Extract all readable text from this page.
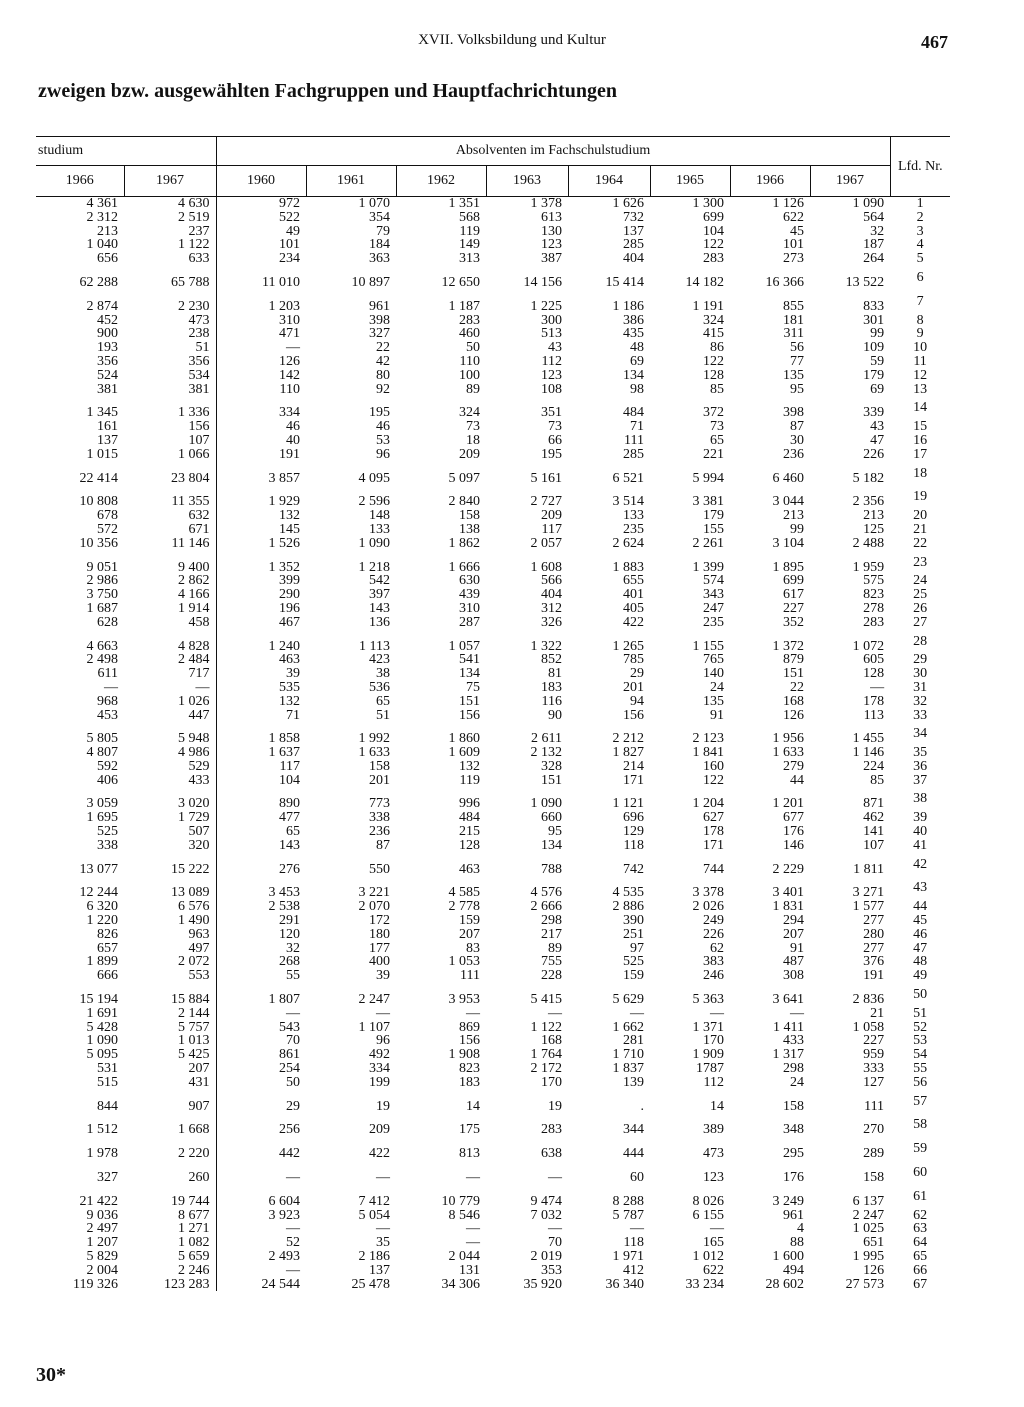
XVII. Volksbildung und Kultur	467
zweigen bzw. ausgewählten Fachgruppen und Hauptfachrichtungen
studium		Absolventen im Fachschulstudium								Lfd. Nr.
1966	1967	1960	1961	1962	1963	1964	1965	1966	1967	
4 361	4 630	972	1 070	1 351	1 378	1 626	1 300	1 126	1 090	1
2 312	2 519	522	354	568	613	732	699	622	564	2
213	237	49	79	119	130	137	104	45	32	3
1 040	1 122	101	184	149	123	285	122	101	187	4
656	633	234	363	313	387	404	283	273	264	5
62 288	65 788	11 010	10 897	12 650	14 156	15 414	14 182	16 366	13 522	6
2 874	2 230	1 203	961	1 187	1 225	1 186	1 191	855	833	7
452	473	310	398	283	300	386	324	181	301	8
900	238	471	327	460	513	435	415	311	99	9
193	51	—	22	50	43	48	86	56	109	10
356	356	126	42	110	112	69	122	77	59	11
524	534	142	80	100	123	134	128	135	179	12
381	381	110	92	89	108	98	85	95	69	13
1 345	1 336	334	195	324	351	484	372	398	339	14
161	156	46	46	73	73	71	73	87	43	15
137	107	40	53	18	66	111	65	30	47	16
1 015	1 066	191	96	209	195	285	221	236	226	17
22 414	23 804	3 857	4 095	5 097	5 161	6 521	5 994	6 460	5 182	18
10 808	11 355	1 929	2 596	2 840	2 727	3 514	3 381	3 044	2 356	19
678	632	132	148	158	209	133	179	213	213	20
572	671	145	133	138	117	235	155	99	125	21
10 356	11 146	1 526	1 090	1 862	2 057	2 624	2 261	3 104	2 488	22
9 051	9 400	1 352	1 218	1 666	1 608	1 883	1 399	1 895	1 959	23
2 986	2 862	399	542	630	566	655	574	699	575	24
3 750	4 166	290	397	439	404	401	343	617	823	25
1 687	1 914	196	143	310	312	405	247	227	278	26
628	458	467	136	287	326	422	235	352	283	27
4 663	4 828	1 240	1 113	1 057	1 322	1 265	1 155	1 372	1 072	28
2 498	2 484	463	423	541	852	785	765	879	605	29
611	717	39	38	134	81	29	140	151	128	30
—	—	535	536	75	183	201	24	22	—	31
968	1 026	132	65	151	116	94	135	168	178	32
453	447	71	51	156	90	156	91	126	113	33
5 805	5 948	1 858	1 992	1 860	2 611	2 212	2 123	1 956	1 455	34
4 807	4 986	1 637	1 633	1 609	2 132	1 827	1 841	1 633	1 146	35
592	529	117	158	132	328	214	160	279	224	36
406	433	104	201	119	151	171	122	44	85	37
3 059	3 020	890	773	996	1 090	1 121	1 204	1 201	871	38
1 695	1 729	477	338	484	660	696	627	677	462	39
525	507	65	236	215	95	129	178	176	141	40
338	320	143	87	128	134	118	171	146	107	41
13 077	15 222	276	550	463	788	742	744	2 229	1 811	42
12 244	13 089	3 453	3 221	4 585	4 576	4 535	3 378	3 401	3 271	43
6 320	6 576	2 538	2 070	2 778	2 666	2 886	2 026	1 831	1 577	44
1 220	1 490	291	172	159	298	390	249	294	277	45
826	963	120	180	207	217	251	226	207	280	46
657	497	32	177	83	89	97	62	91	277	47
1 899	2 072	268	400	1 053	755	525	383	487	376	48
666	553	55	39	111	228	159	246	308	191	49
15 194	15 884	1 807	2 247	3 953	5 415	5 629	5 363	3 641	2 836	50
1 691	2 144	—	—	—	—	—	—	—	21	51
5 428	5 757	543	1 107	869	1 122	1 662	1 371	1 411	1 058	52
1 090	1 013	70	96	156	168	281	170	433	227	53
5 095	5 425	861	492	1 908	1 764	1 710	1 909	1 317	959	54
531	207	254	334	823	2 172	1 837	1787	298	333	55
515	431	50	199	183	170	139	112	24	127	56
844	907	29	19	14	19	.	14	158	111	57
1 512	1 668	256	209	175	283	344	389	348	270	58
1 978	2 220	442	422	813	638	444	473	295	289	59
327	260	—	—	—	—	60	123	176	158	60
21 422	19 744	6 604	7 412	10 779	9 474	8 288	8 026	3 249	6 137	61
9 036	8 677	3 923	5 054	8 546	7 032	5 787	6 155	961	2 247	62
2 497	1 271	—	—	—	—	—	—	4	1 025	63
1 207	1 082	52	35	—	70	118	165	88	651	64
5 829	5 659	2 493	2 186	2 044	2 019	1 971	1 012	1 600	1 995	65
2 004	2 246	—	137	131	353	412	622	494	126	66
119 326	123 283	24 544	25 478	34 306	35 920	36 340	33 234	28 602	27 573	67
30*
